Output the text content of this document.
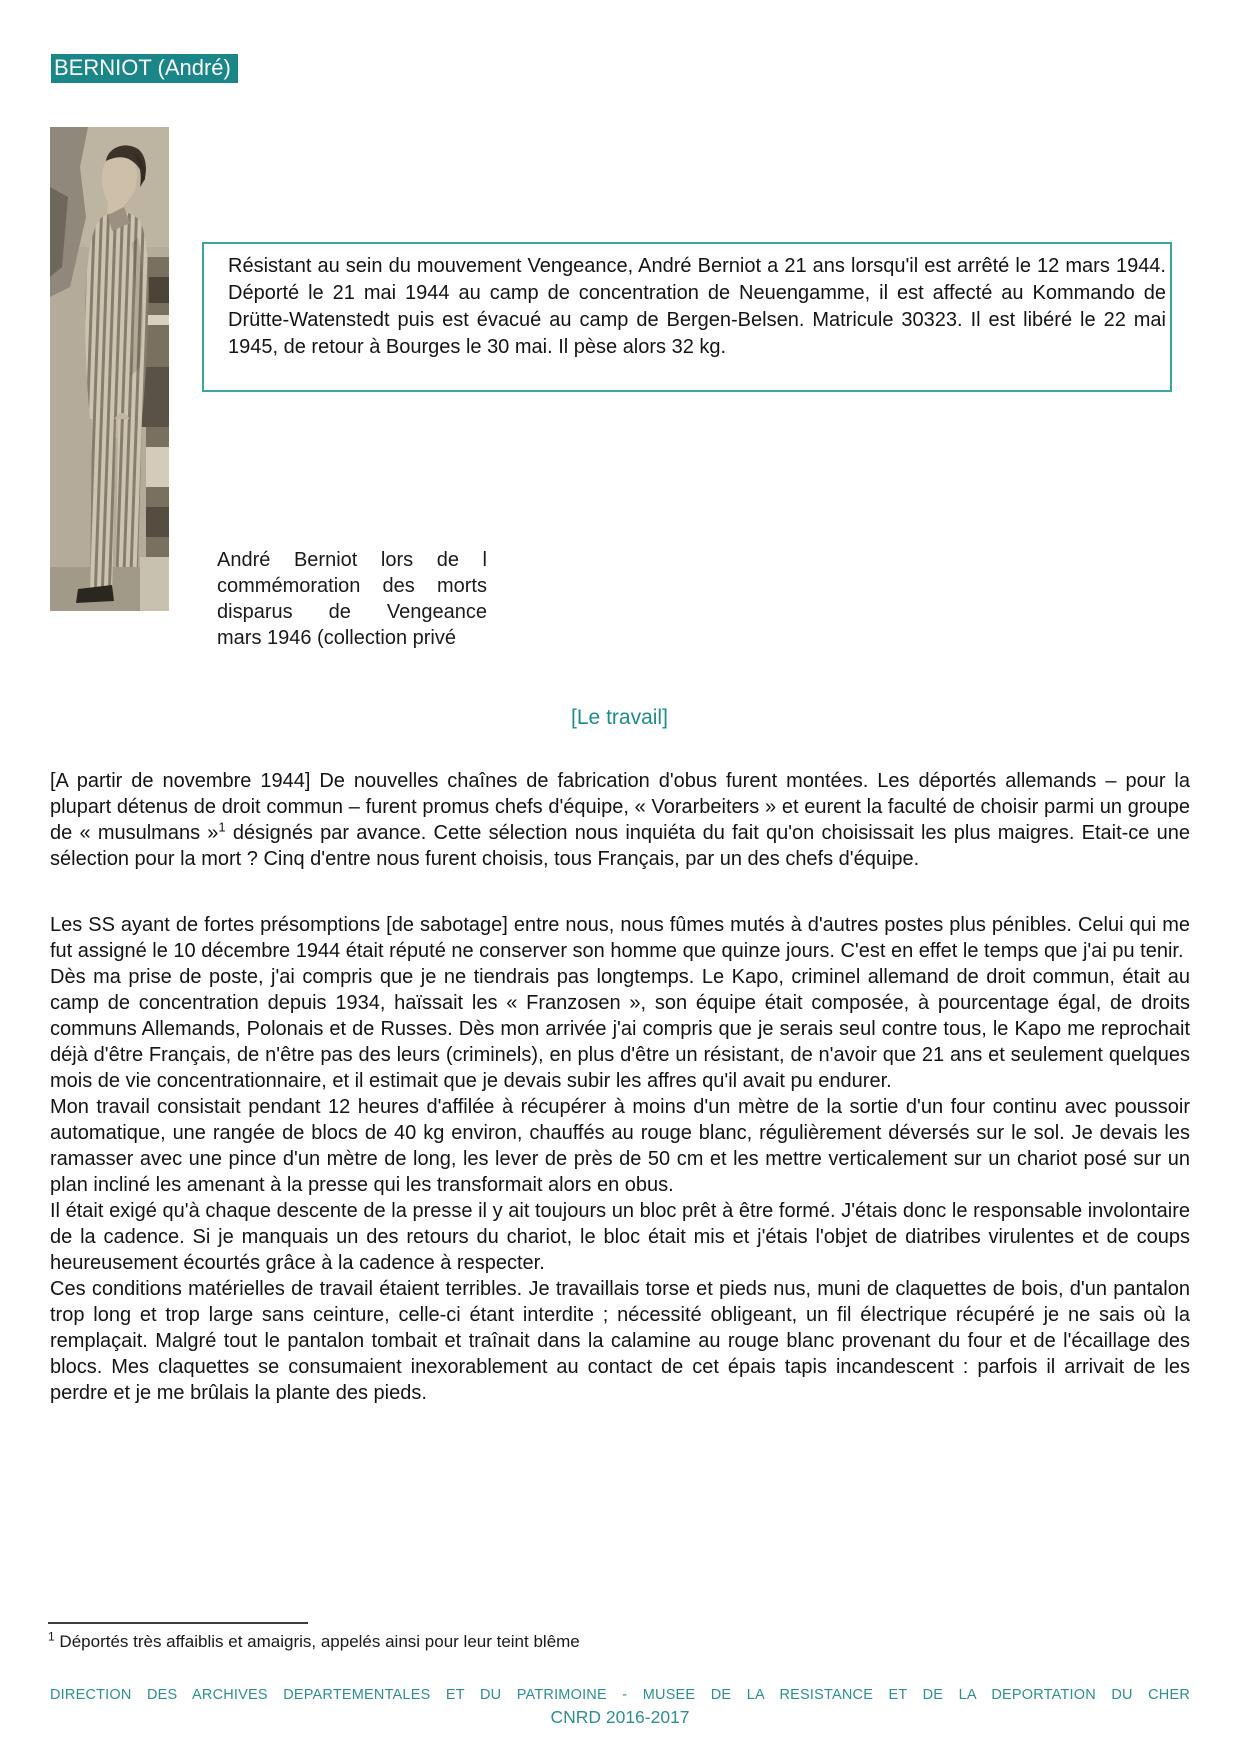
BERNIOT (André)
Résistant au sein du mouvement Vengeance, André Berniot a 21 ans lorsqu'il est arrêté le 12 mars 1944. Déporté le 21 mai 1944 au camp de concentration de Neuengamme, il est affecté au Kommando de Drütte-Watenstedt puis est évacué au camp de Bergen-Belsen. Matricule 30323. Il est libéré le 22 mai 1945, de retour à Bourges le 30 mai. Il pèse alors 32 kg.
André Berniot lors de l
commémoration des morts
disparus de Vengeance
mars 1946 (collection privé
[Le travail]

[A partir de novembre 1944] De nouvelles chaînes de fabrication d'obus furent montées. Les déportés allemands – pour la plupart détenus de droit commun – furent promus chefs d'équipe, « Vorarbeiters » et eurent la faculté de choisir parmi un groupe de « musulmans »$^1$ désignés par avance. Cette sélection nous inquiéta du fait qu'on choisissait les plus maigres. Etait-ce une sélection pour la mort ? Cinq d'entre nous furent choisis, tous Français, par un des chefs d'équipe.

Les SS ayant de fortes présomptions [de sabotage] entre nous, nous fûmes mutés à d'autres postes plus pénibles. Celui qui me fut assigné le 10 décembre 1944 était réputé ne conserver son homme que quinze jours. C'est en effet le temps que j'ai pu tenir.

Dès ma prise de poste, j'ai compris que je ne tiendrais pas longtemps. Le Kapo, criminel allemand de droit commun, était au camp de concentration depuis 1934, haïssait les « Franzosen », son équipe était composée, à pourcentage égal, de droits communs Allemands, Polonais et de Russes. Dès mon arrivée j'ai compris que je serais seul contre tous, le Kapo me reprochait déjà d'être Français, de n'être pas des leurs (criminels), en plus d'être un résistant, de n'avoir que 21 ans et seulement quelques mois de vie concentrationnaire, et il estimait que je devais subir les affres qu'il avait pu endurer.

Mon travail consistait pendant 12 heures d'affilée à récupérer à moins d'un mètre de la sortie d'un four continu avec poussoir automatique, une rangée de blocs de 40 kg environ, chauffés au rouge blanc, régulièrement déversés sur le sol. Je devais les ramasser avec une pince d'un mètre de long, les lever de près de 50 cm et les mettre verticalement sur un chariot posé sur un plan incliné les amenant à la presse qui les transformait alors en obus.

Il était exigé qu'à chaque descente de la presse il y ait toujours un bloc prêt à être formé. J'étais donc le responsable involontaire de la cadence. Si je manquais un des retours du chariot, le bloc était mis et j'étais l'objet de diatribes virulentes et de coups heureusement écourtés grâce à la cadence à respecter.

Ces conditions matérielles de travail étaient terribles. Je travaillais torse et pieds nus, muni de claquettes de bois, d'un pantalon trop long et trop large sans ceinture, celle-ci étant interdite ; nécessité obligeant, un fil électrique récupéré je ne sais où la remplaçait. Malgré tout le pantalon tombait et traînait dans la calamine au rouge blanc provenant du four et de l'écaillage des blocs. Mes claquettes se consumaient inexorablement au contact de cet épais tapis incandescent : parfois il arrivait de les perdre et je me brûlais la plante des pieds.

$^1$ Déportés très affaiblis et amaigris, appelés ainsi pour leur teint blême
DIRECTION DES ARCHIVES DEPARTEMENTALES ET DU PATRIMOINE - MUSEE DE LA RESISTANCE ET DE LA DEPORTATION DU CHER
CNRD 2016-2017
